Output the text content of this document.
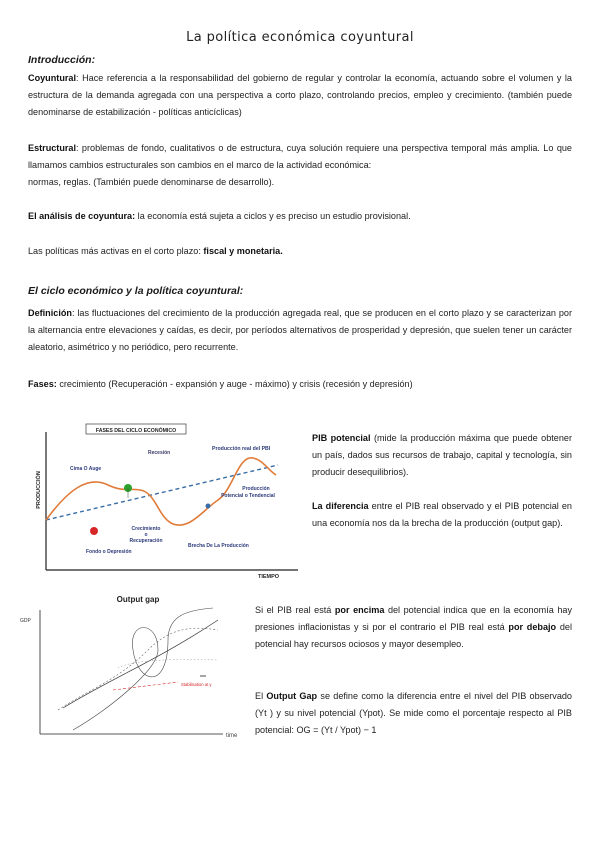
La política económica coyuntural
Introducción:

Coyuntural: Hace referencia a la responsabilidad del gobierno de regular y controlar la economía, actuando sobre el volumen y la estructura de la demanda agregada con una perspectiva a corto plazo, controlando precios, empleo y crecimiento. (también puede denominarse de estabilización - políticas anticíclicas)

Estructural: problemas de fondo, cualitativos o de estructura, cuya solución requiere una perspectiva temporal más amplia. Lo que llamamos cambios estructurales son cambios en el marco de la actividad económica:
normas, reglas. (También puede denominarse de desarrollo).

El análisis de coyuntura: la economía está sujeta a ciclos y es preciso un estudio provisional.

Las políticas más activas en el corto plazo: fiscal y monetaria.

El ciclo económico y la política coyuntural:

Definición: las fluctuaciones del crecimiento de la producción agregada real, que se producen en el corto plazo y se caracterizan por la alternancia entre elevaciones y caídas, es decir, por períodos alternativos de prosperidad y depresión, que suelen tener un carácter aleatorio, asimétrico y no periódico, pero recurrente.

Fases: crecimiento (Recuperación - expansión y auge - máximo) y crisis (recesión y depresión)

FASES DEL CICLO ECONÓMICO
PRODUCCIÓN
TIEMPO
Recesión
Producción real del PBI
Cima O Auge
Producción
Potencial o Tendencial
Crecimiento
o
Recuperación
Fondo o Depresión
Brecha De La Producción

PIB potencial (mide la producción máxima que puede obtener un país, dados sus recursos de trabajo, capital y tecnología, sin producir desequilibrios).

La diferencia entre el PIB real observado y el PIB potencial en una economía nos da la brecha de la producción (output gap).

Output gap
GDP
time
Stabilisation at y

Si el PIB real está por encima del potencial indica que en la economía hay presiones inflacionistas y si por el contrario el PIB real está por debajo del potencial hay recursos ociosos y mayor desempleo.

El Output Gap se define como la diferencia entre el nivel del PIB observado (Yt ) y su nivel potencial (Ypot). Se mide como el porcentaje respecto al PIB potencial: OG = (Yt / Ypot) − 1
